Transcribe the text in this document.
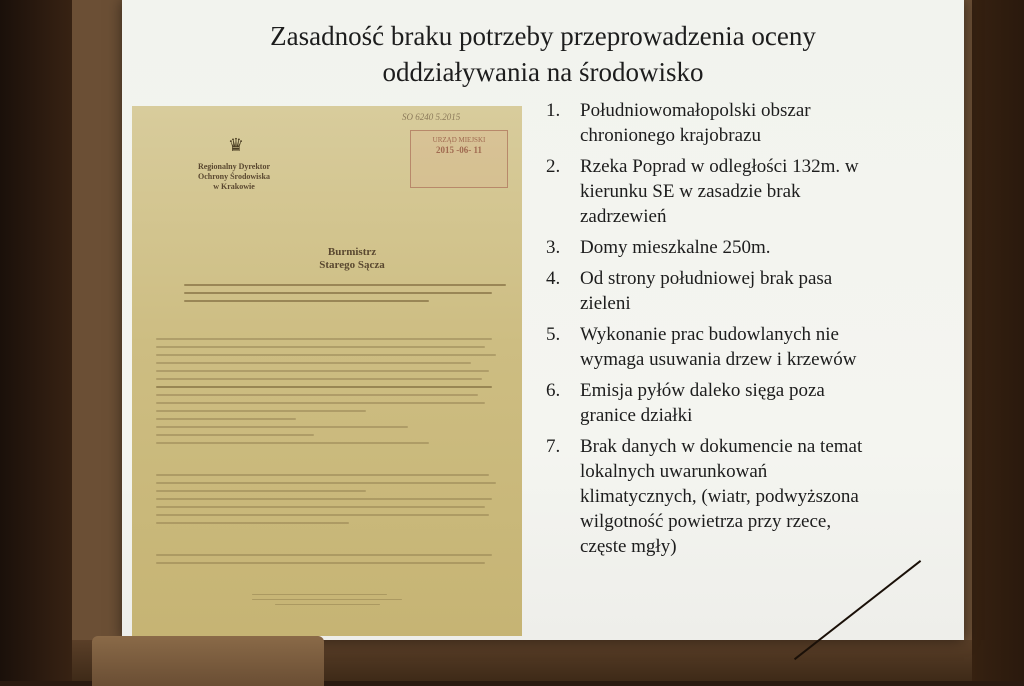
Zasadność braku potrzeby przeprowadzenia oceny
oddziaływania na środowisko
♛
Regionalny Dyrektor
Ochrony Środowiska
w Krakowie
SO 6240 5.2015
URZĄD MIEJSKI
2015 -06- 11
Burmistrz
Starego Sącza
1. Południowomałopolski obszar
chronionego krajobrazu
2. Rzeka Poprad w odległości 132m. w
kierunku SE w zasadzie brak
zadrzewień
3. Domy mieszkalne 250m.
4. Od strony południowej brak pasa
zieleni
5. Wykonanie prac budowlanych nie
wymaga usuwania drzew i krzewów
6. Emisja pyłów daleko sięga poza
granice działki
7. Brak danych w dokumencie na temat
lokalnych uwarunkowań
klimatycznych, (wiatr, podwyższona
wilgotność powietrza przy rzece,
częste mgły)
